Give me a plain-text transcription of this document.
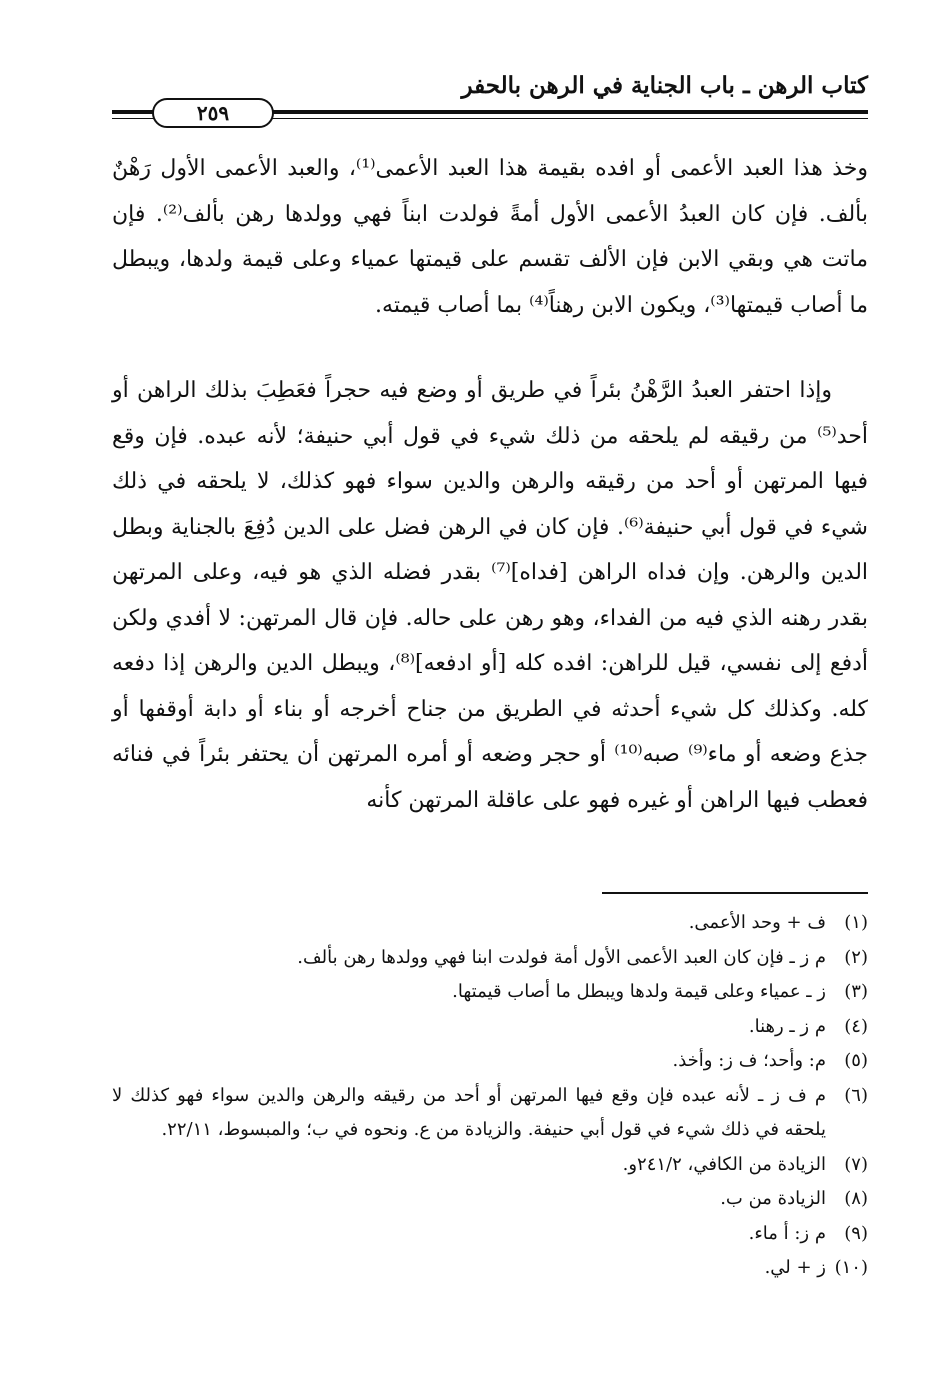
كتاب الرهن ـ باب الجناية في الرهن بالحفر
٢٥٩

وخذ هذا العبد الأعمى أو افده بقيمة هذا العبد الأعمى⁽¹⁾، والعبد الأعمى الأول رَهْنٌ بألف. فإن كان العبدُ الأعمى الأول أمةً فولدت ابناً فهي وولدها رهن بألف⁽²⁾. فإن ماتت هي وبقي الابن فإن الألف تقسم على قيمتها عمياء وعلى قيمة ولدها، ويبطل ما أصاب قيمتها⁽³⁾، ويكون الابن رهناً⁽⁴⁾ بما أصاب قيمته.

وإذا احتفر العبدُ الرَّهْنُ بئراً في طريق أو وضع فيه حجراً فعَطِبَ بذلك الراهن أو أحد⁽⁵⁾ من رقيقه لم يلحقه من ذلك شيء في قول أبي حنيفة؛ لأنه عبده. فإن وقع فيها المرتهن أو أحد من رقيقه والرهن والدين سواء فهو كذلك، لا يلحقه في ذلك شيء في قول أبي حنيفة⁽⁶⁾. فإن كان في الرهن فضل على الدين دُفِعَ بالجناية وبطل الدين والرهن. وإن فداه الراهن [فداه]⁽⁷⁾ بقدر فضله الذي هو فيه، وعلى المرتهن بقدر رهنه الذي فيه من الفداء، وهو رهن على حاله. فإن قال المرتهن: لا أفدي ولكن أدفع إلى نفسي، قيل للراهن: افده كله [أو ادفعه]⁽⁸⁾، ويبطل الدين والرهن إذا دفعه كله. وكذلك كل شيء أحدثه في الطريق من جناح أخرجه أو بناء أو دابة أوقفها أو جذع وضعه أو ماء⁽⁹⁾ صبه⁽¹⁰⁾ أو حجر وضعه أو أمره المرتهن أن يحتفر بئراً في فنائه فعطب فيها الراهن أو غيره فهو على عاقلة المرتهن كأنه

(١)
ف + وحد الأعمى.
(٢)
م ز ـ فإن كان العبد الأعمى الأول أمة فولدت ابنا فهي وولدها رهن بألف.
(٣)
ز ـ عمياء وعلى قيمة ولدها ويبطل ما أصاب قيمتها.
(٤)
م ز ـ رهنا.
(٥)
م: وأحد؛ ف ز: وأخذ.
(٦)
م ف ز ـ لأنه عبده فإن وقع فيها المرتهن أو أحد من رقيقه والرهن والدين سواء فهو كذلك لا يلحقه في ذلك شيء في قول أبي حنيفة. والزيادة من ع. ونحوه في ب؛ والمبسوط، ٢٢/١١.
(٧)
الزيادة من الكافي، ٢٤١/٢و.
(٨)
الزيادة من ب.
(٩)
م ز: أ ماء.
(١٠)
ز + لي.
